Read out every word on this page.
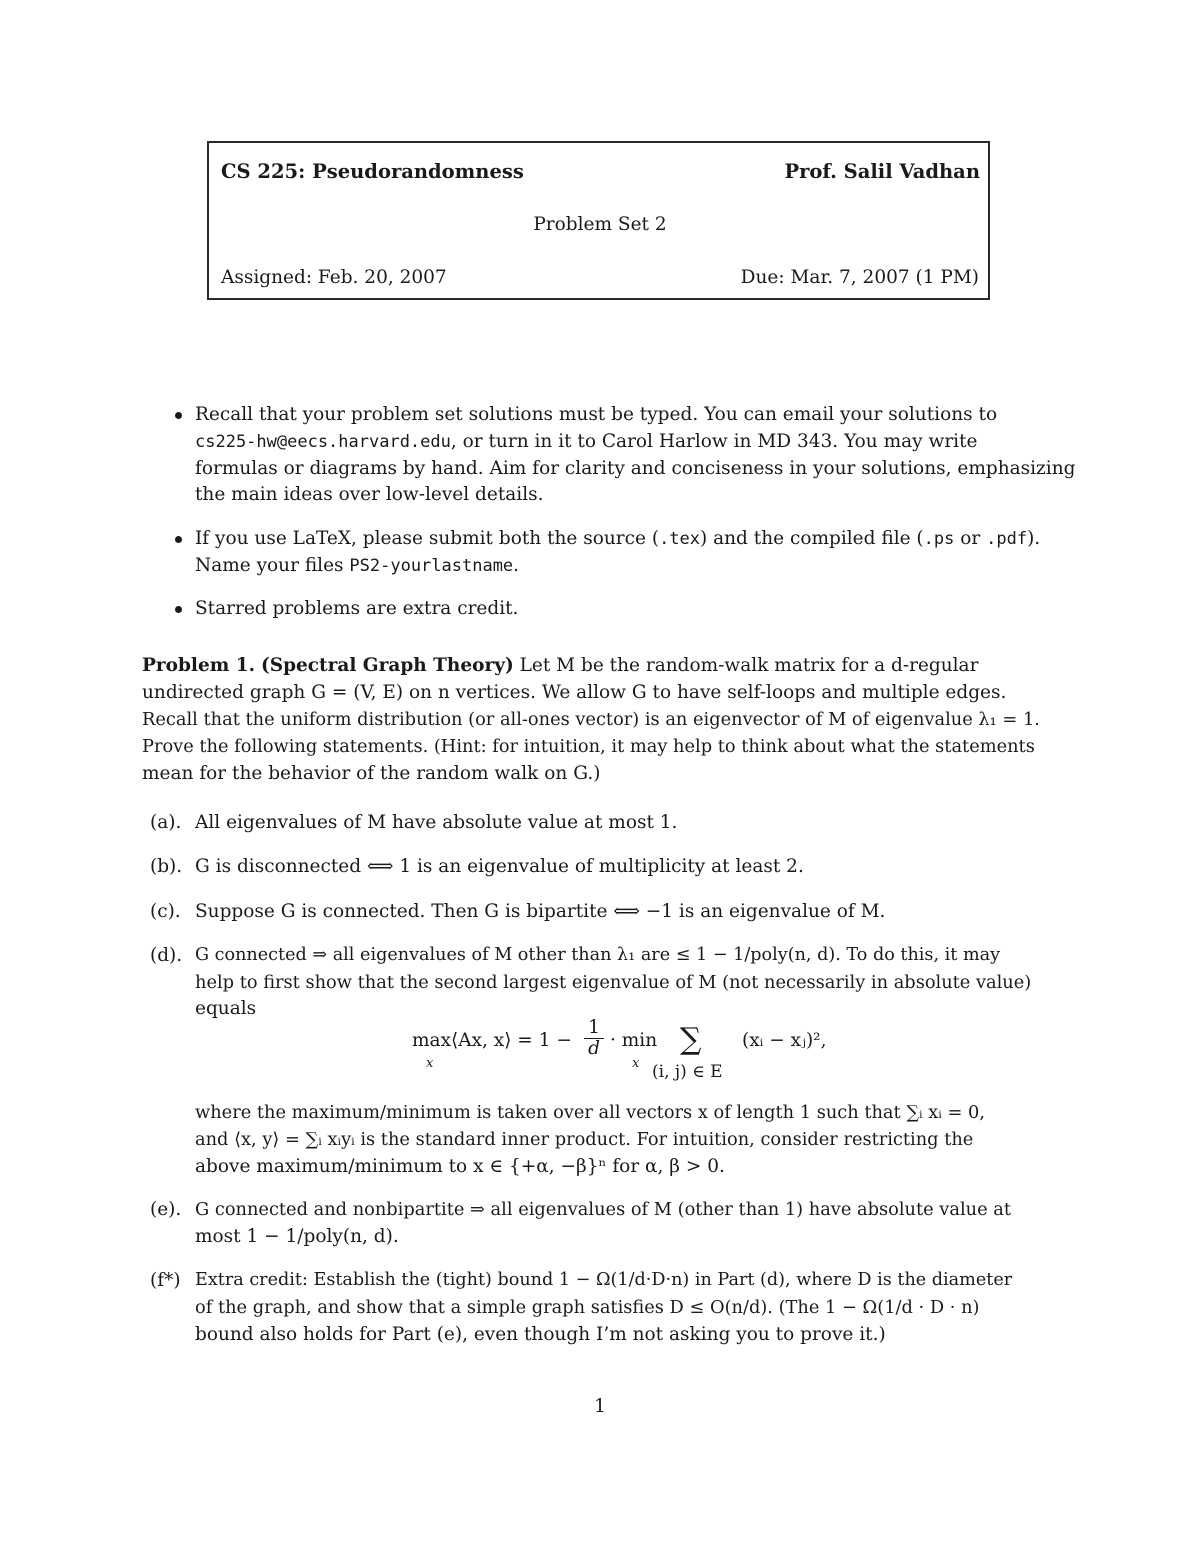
CS 225: Pseudorandomness	Prof. Salil Vadhan
Problem Set 2
Assigned: Feb. 20, 2007	Due: Mar. 7, 2007 (1 PM)
Recall that your problem set solutions must be typed. You can email your solutions to
cs225-hw@eecs.harvard.edu, or turn in it to Carol Harlow in MD 343. You may write
formulas or diagrams by hand. Aim for clarity and conciseness in your solutions, emphasizing
the main ideas over low-level details.
If you use LaTeX, please submit both the source (.tex) and the compiled file (.ps or .pdf).
Name your files PS2-yourlastname.
Starred problems are extra credit.
Problem 1. (Spectral Graph Theory) Let M be the random-walk matrix for a d-regular
undirected graph G = (V, E) on n vertices. We allow G to have self-loops and multiple edges.
Recall that the uniform distribution (or all-ones vector) is an eigenvector of M of eigenvalue λ₁ = 1.
Prove the following statements. (Hint: for intuition, it may help to think about what the statements
mean for the behavior of the random walk on G.)
(a). All eigenvalues of M have absolute value at most 1.
(b). G is disconnected ⟺ 1 is an eigenvalue of multiplicity at least 2.
(c). Suppose G is connected. Then G is bipartite ⟺ −1 is an eigenvalue of M.
(d). G connected ⇒ all eigenvalues of M other than λ₁ are ≤ 1 − 1/poly(n, d). To do this, it may
help to first show that the second largest eigenvalue of M (not necessarily in absolute value)
equals
max⟨Ax, x⟩ = 1 −
x
$\frac{1}{d} \cdot \min$
x
∑
(i, j) ∈ E
(xᵢ − xⱼ)²,
where the maximum/minimum is taken over all vectors x of length 1 such that ∑ᵢ xᵢ = 0,
and ⟨x, y⟩ = ∑ᵢ xᵢyᵢ is the standard inner product. For intuition, consider restricting the
above maximum/minimum to x ∈ {+α, −β}ⁿ for α, β > 0.
(e). G connected and nonbipartite ⇒ all eigenvalues of M (other than 1) have absolute value at
most 1 − 1/poly(n, d).
(f*) Extra credit: Establish the (tight) bound 1 − Ω(1/d·D·n) in Part (d), where D is the diameter
of the graph, and show that a simple graph satisfies D ≤ O(n/d). (The 1 − Ω(1/d · D · n)
bound also holds for Part (e), even though I’m not asking you to prove it.)
1
